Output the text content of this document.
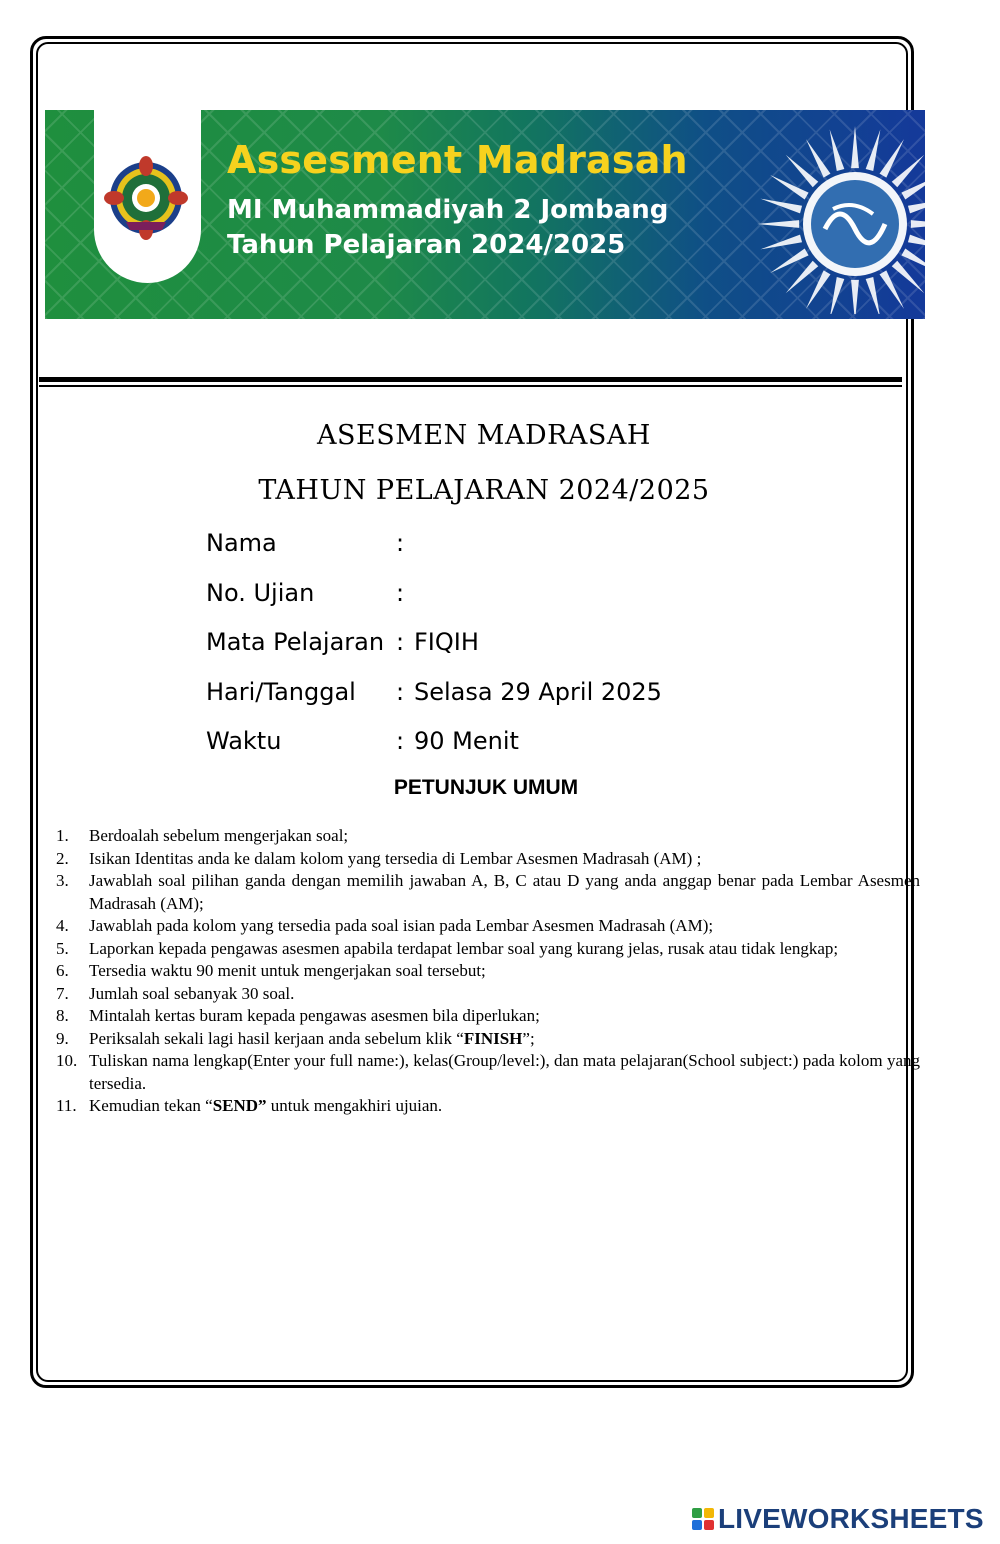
Assesment Madrasah
MI Muhammadiyah 2 Jombang
Tahun Pelajaran 2024/2025
ASESMEN MADRASAH
TAHUN PELAJARAN 2024/2025
Nama	:
No. Ujian	:
Mata Pelajaran : FIQIH
Hari/Tanggal : Selasa 29 April 2025
Waktu	: 90 Menit
PETUNJUK UMUM
1. Berdoalah sebelum mengerjakan soal;
2. Isikan Identitas anda ke dalam kolom yang tersedia di Lembar Asesmen Madrasah (AM) ;
3. Jawablah soal pilihan ganda dengan memilih jawaban A, B, C atau D yang anda anggap benar pada Lembar Asesmen Madrasah (AM);
4. Jawablah pada kolom yang tersedia pada soal isian pada Lembar Asesmen Madrasah (AM);
5. Laporkan kepada pengawas asesmen apabila terdapat lembar soal yang kurang jelas, rusak atau tidak lengkap;
6. Tersedia waktu 90 menit untuk mengerjakan soal tersebut;
7. Jumlah soal sebanyak 30 soal.
8. Mintalah kertas buram kepada pengawas asesmen bila diperlukan;
9. Periksalah sekali lagi hasil kerjaan anda sebelum klik “FINISH”;
10. Tuliskan nama lengkap(Enter your full name:), kelas(Group/level:), dan mata pelajaran(School subject:) pada kolom yang tersedia.
11. Kemudian tekan “SEND” untuk mengakhiri ujuian.
LIVEWORKSHEETS
